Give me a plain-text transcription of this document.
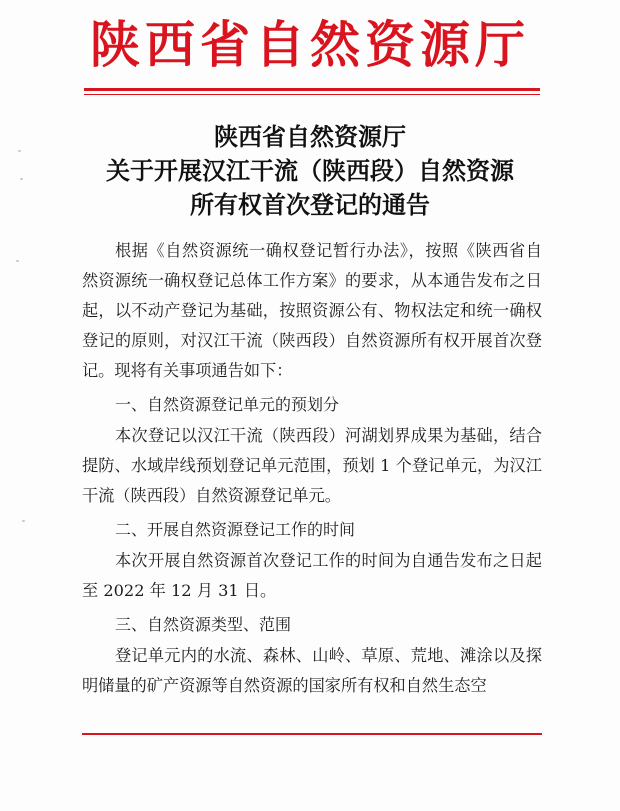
陕西省自然资源厅
陕西省自然资源厅
关于开展汉江干流（陕西段）自然资源
所有权首次登记的通告

根据《自然资源统一确权登记暂行办法》，按照《陕西省自然资源统一确权登记总体工作方案》的要求，从本通告发布之日起，以不动产登记为基础，按照资源公有、物权法定和统一确权登记的原则，对汉江干流（陕西段）自然资源所有权开展首次登记。现将有关事项通告如下：

一、自然资源登记单元的预划分

本次登记以汉江干流（陕西段）河湖划界成果为基础，结合提防、水域岸线预划登记单元范围，预划 1 个登记单元，为汉江干流（陕西段）自然资源登记单元。

二、开展自然资源登记工作的时间

本次开展自然资源首次登记工作的时间为自通告发布之日起至 2022 年 12 月 31 日。

三、自然资源类型、范围

登记单元内的水流、森林、山岭、草原、荒地、滩涂以及探明储量的矿产资源等自然资源的国家所有权和自然生态空
